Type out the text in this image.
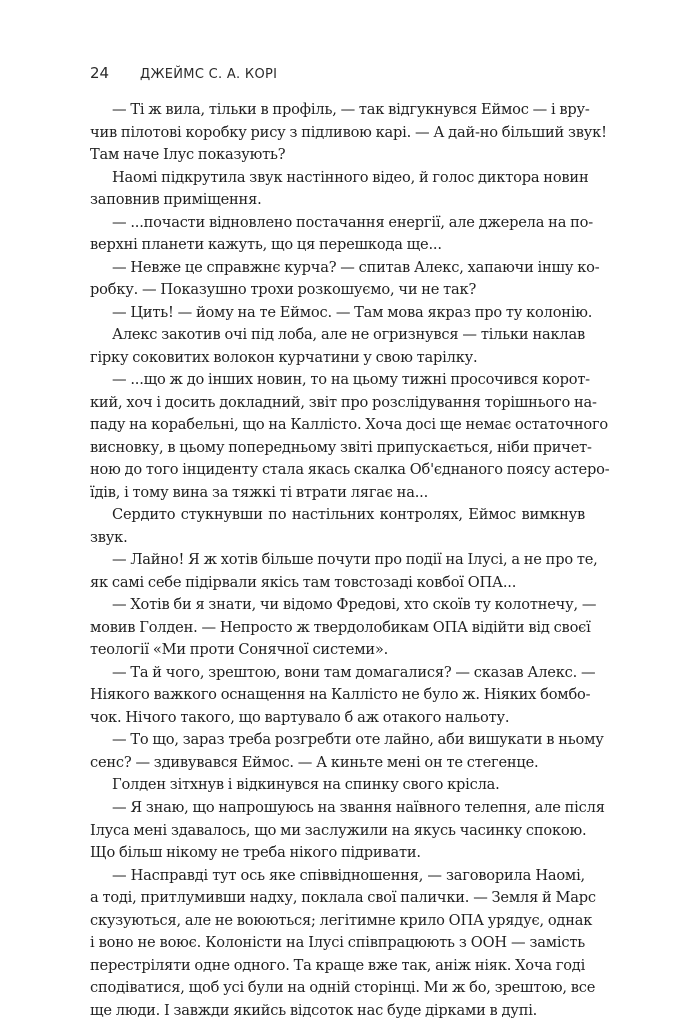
24	ДЖЕЙМС С. А. КОРІ
— Ті ж вила, тільки в профіль, — так відгукнувся Еймос — і вру-
чив пілотові коробку рису з підливою карі. — А дай-но більший звук!
Там наче Ілус показують?
Наомі підкрутила звук настінного відео, й голос диктора новин
заповнив приміщення.
— ...почасти відновлено постачання енергії, але джерела на по-
верхні планети кажуть, що ця перешкода ще...
— Невже це справжнє курча? — спитав Алекс, хапаючи іншу ко-
робку. — Показушно трохи розкошуємо, чи не так?
— Цить! — йому на те Еймос. — Там мова якраз про ту колонію.
Алекс закотив очі під лоба, але не огризнувся — тільки наклав
гірку соковитих волокон курчатини у свою тарілку.
— ...що ж до інших новин, то на цьому тижні просочився корот-
кий, хоч і досить докладний, звіт про розслідування торішнього на-
паду на корабельні, що на Каллісто. Хоча досі ще немає остаточного
висновку, в цьому попередньому звіті припускається, ніби причет-
ною до того інциденту стала якась скалка Об'єднаного поясу астеро-
їдів, і тому вина за тяжкі ті втрати лягає на...
Сердито стукнувши по настільних контролях, Еймос вимкнув
звук.
— Лайно! Я ж хотів більше почути про події на Ілусі, а не про те,
як самі себе підірвали якісь там товстозаді ковбої ОПА...
— Хотів би я знати, чи відомо Фредові, хто скоїв ту колотнечу, —
мовив Голден. — Непросто ж твердолобикам ОПА відійти від своєї
теології «Ми проти Сонячної системи».
— Та й чого, зрештою, вони там домагалися? — сказав Алекс. —
Ніякого важкого оснащення на Каллісто не було ж. Ніяких бомбо-
чок. Нічого такого, що вартувало б аж отакого нальоту.
— То що, зараз треба розгребти оте лайно, аби вишукати в ньому
сенс? — здивувався Еймос. — А киньте мені он те стегенце.
Голден зітхнув і відкинувся на спинку свого крісла.
— Я знаю, що напрошуюсь на звання наївного телепня, але після
Ілуса мені здавалось, що ми заслужили на якусь часинку спокою.
Що більш нікому не треба нікого підривати.
— Насправді тут ось яке співвідношення, — заговорила Наомі,
а тоді, притлумивши надху, поклала свої палички. — Земля й Марс
скузуються, але не воюються; легітимне крило ОПА урядує, однак
і воно не воює. Колоністи на Ілусі співпрацюють з ООН — замість
перестріляти одне одного. Та краще вже так, аніж ніяк. Хоча годі
сподіватися, щоб усі були на одній сторінці. Ми ж бо, зрештою, все
ще люди. І завжди якийсь відсоток нас буде дірками в дупі.
